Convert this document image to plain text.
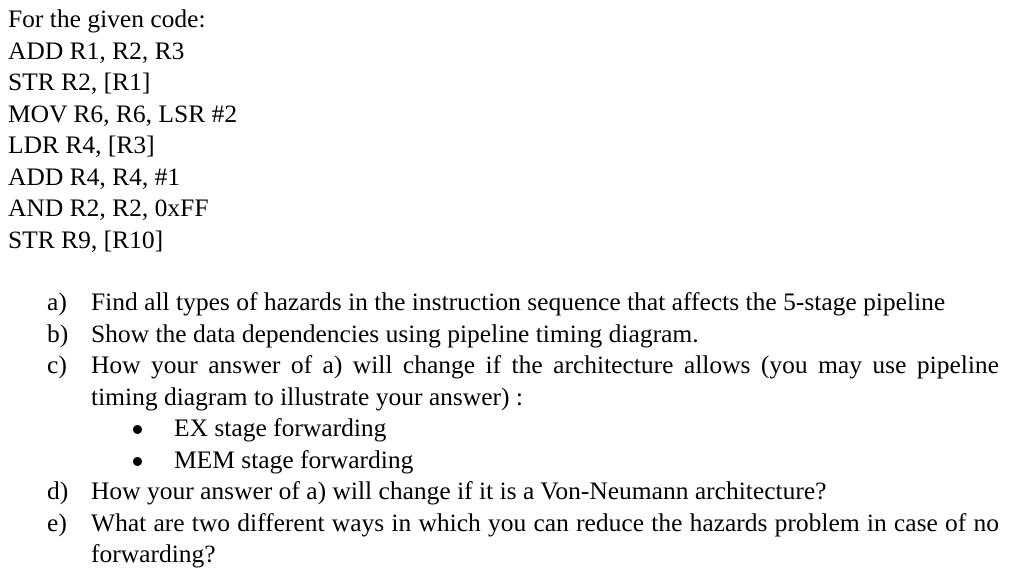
For the given code:
ADD R1, R2, R3
STR R2, [R1]
MOV R6, R6, LSR #2
LDR R4, [R3]
ADD R4, R4, #1
AND R2, R2, 0xFF
STR R9, [R10]
a) Find all types of hazards in the instruction sequence that affects the 5-stage pipeline
b) Show the data dependencies using pipeline timing diagram.
c) How your answer of a) will change if the architecture allows (you may use pipeline timing diagram to illustrate your answer) :
EX stage forwarding
MEM stage forwarding
d) How your answer of a) will change if it is a Von-Neumann architecture?
e) What are two different ways in which you can reduce the hazards problem in case of no forwarding?
